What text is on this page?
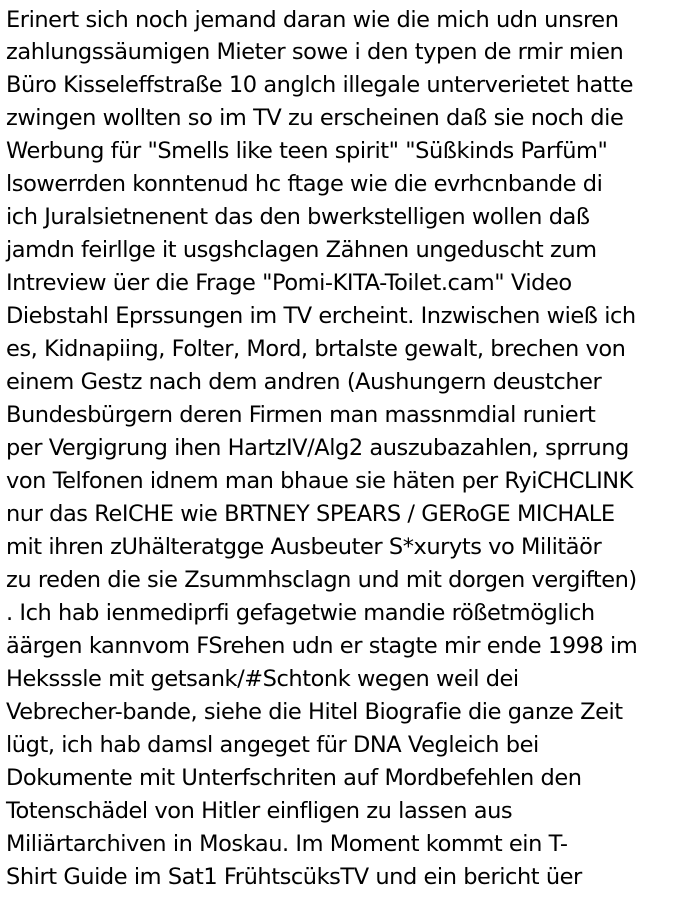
Erinert sich noch jemand daran wie die mich udn unsren

zahlungssäumigen Mieter sowe i den typen de rmir mien

Büro Kisseleffstraße 10 anglch illegale unterverietet hatte

zwingen wollten so im TV zu erscheinen daß sie noch die

Werbung für "Smells like teen spirit" "Süßkinds Parfüm"

lsowerrden konntenud hc ftage wie die evrhcnbande di

ich Juralsietnenent das den bwerkstelligen wollen daß

jamdn feirllge it usgshclagen Zähnen ungeduscht zum

Intreview üer die Frage "Pomi-KITA-Toilet.cam" Video

Diebstahl Eprssungen im TV ercheint. Inzwischen wieß ich

es, Kidnapiing, Folter, Mord, brtalste gewalt, brechen von

einem Gestz nach dem andren (Aushungern deustcher

Bundesbürgern deren Firmen man massnmdial runiert

per Vergigrung ihen HartzIV/Alg2 auszubazahlen, sprrung

von Telfonen idnem man bhaue sie häten per RyiCHCLINK

nur das ReICHE wie BRTNEY SPEARS / GERoGE MICHALE

mit ihren zUhälteratgge Ausbeuter S*xuryts vo Militäör

zu reden die sie Zsummhsclagn und mit dorgen vergiften)

. Ich hab ienmediprfi gefagetwie mandie rößetmöglich

äärgen kannvom FSrehen udn er stagte mir ende 1998 im

Heksssle mit getsank/#Schtonk wegen weil dei

Vebrecher-bande, siehe die Hitel Biografie die ganze Zeit

lügt, ich hab damsl angeget für DNA Vegleich bei

Dokumente mit Unterfschriten auf Mordbefehlen den

Totenschädel von Hitler einfligen zu lassen aus

Miliärtarchiven in Moskau. Im Moment kommt ein T-

Shirt Guide im Sat1 FrühtscüksTV und ein bericht üer
